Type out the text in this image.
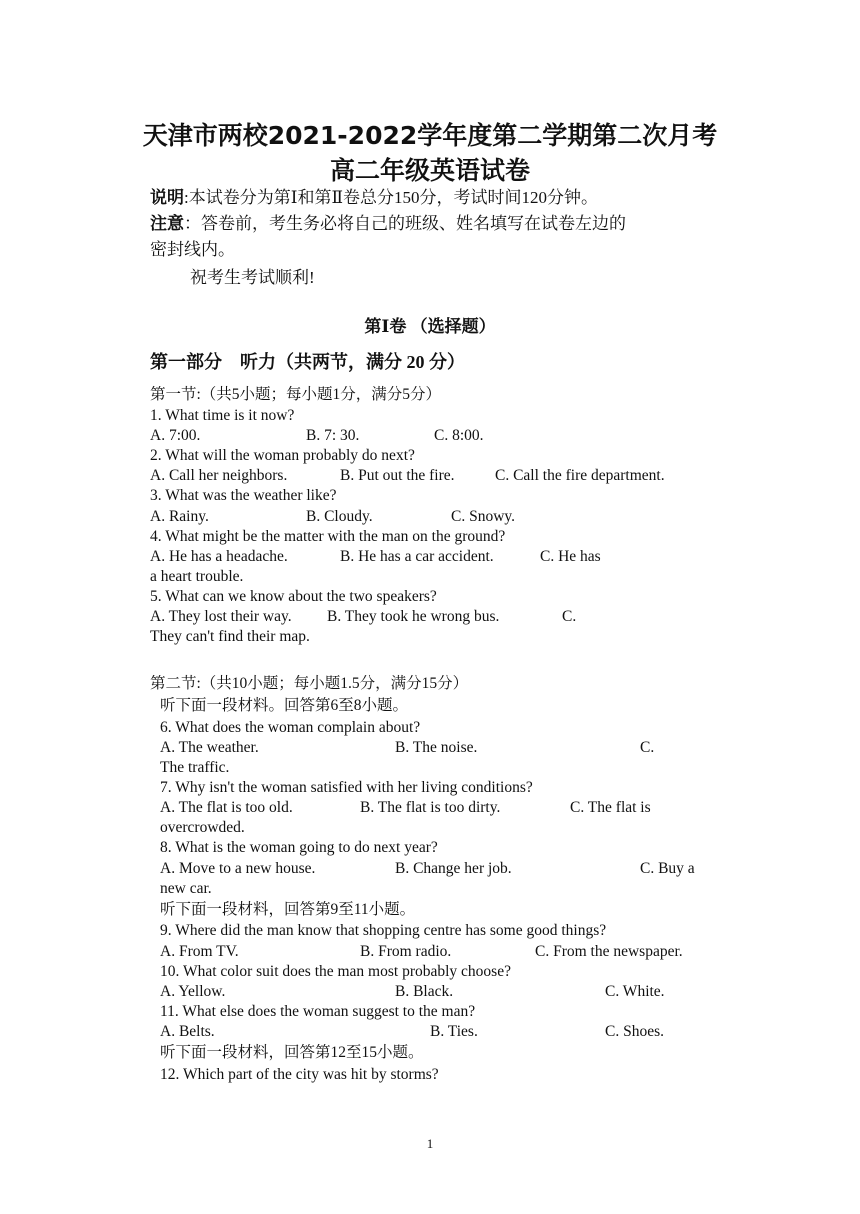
天津市两校2021-2022学年度第二学期第二次月考
高二年级英语试卷
说明:本试卷分为第Ⅰ和第Ⅱ卷总分150分，考试时间120分钟。
注意：答卷前，考生务必将自己的班级、姓名填写在试卷左边的
密封线内。
祝考生考试顺利!
第Ⅰ卷 （选择题）
第一部分    听力（共两节，满分 20 分）
第一节:（共5小题；每小题1分，满分5分）
1. What time is it now?
A. 7:00.	B. 7: 30.	C. 8:00.
2. What will the woman probably do next?
A. Call her neighbors.	B. Put out the fire.	C. Call the fire department.
3. What was the weather like?
A. Rainy.	B. Cloudy.	C. Snowy.
4. What might be the matter with the man on the ground?
A. He has a headache.	B. He has a car accident.	C. He has
a heart trouble.
5. What can we know about the two speakers?
A. They lost their way. B. They took he wrong bus.	C.
They can't find their map.
第二节:（共10小题；每小题1.5分，满分15分）
听下面一段材料。回答第6至8小题。
6. What does the woman complain about?
A. The weather.	B. The noise.	C.
The traffic.
7. Why isn't the woman satisfied with her living conditions?
A. The flat is too old.	B. The flat is too dirty.	C. The flat is
overcrowded.
8. What is the woman going to do next year?
A. Move to a new house.	B. Change her job.	C. Buy a
new car.
听下面一段材料，回答第9至11小题。
9. Where did the man know that shopping centre has some good things?
A. From TV.	B. From radio.	C. From the newspaper.
10. What color suit does the man most probably choose?
A. Yellow.	B. Black.	C. White.
11. What else does the woman suggest to the man?
A. Belts.	B. Ties.	C. Shoes.
听下面一段材料，回答第12至15小题。
12. Which part of the city was hit by storms?
1
